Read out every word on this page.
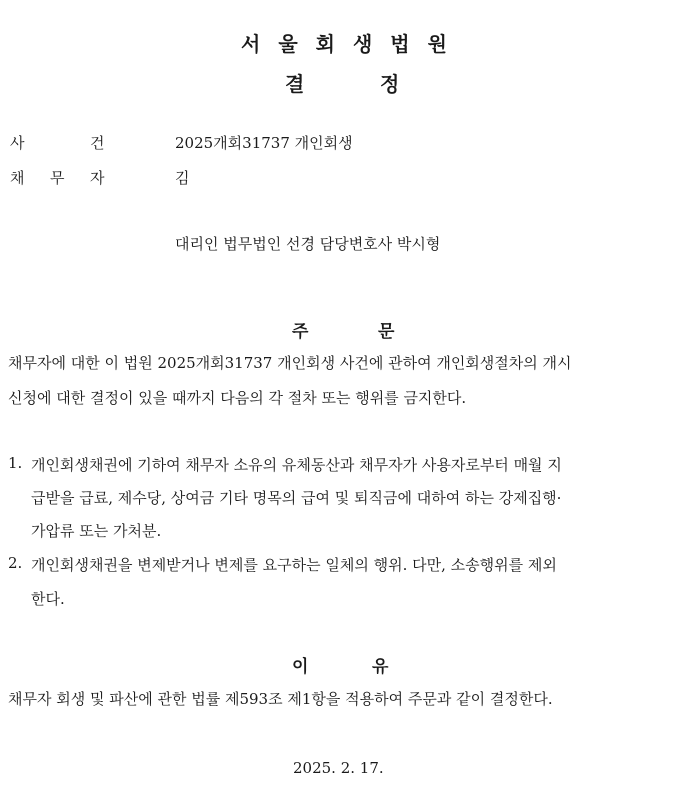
서울회생법원
결	정
사	건	2025개회31737 개인회생
채 무 자	김
대리인 법무법인 선경 담당변호사 박시형
주	문
채무자에 대한 이 법원 2025개회31737 개인회생 사건에 관하여 개인회생절차의 개시
신청에 대한 결정이 있을 때까지 다음의 각 절차 또는 행위를 금지한다.
1. 개인회생채권에 기하여 채무자 소유의 유체동산과 채무자가 사용자로부터 매월 지
급받을 급료, 제수당, 상여금 기타 명목의 급여 및 퇴직금에 대하여 하는 강제집행·
가압류 또는 가처분.
2. 개인회생채권을 변제받거나 변제를 요구하는 일체의 행위. 다만, 소송행위를 제외
한다.
이	유
채무자 회생 및 파산에 관한 법률 제593조 제1항을 적용하여 주문과 같이 결정한다.
2025. 2. 17.
